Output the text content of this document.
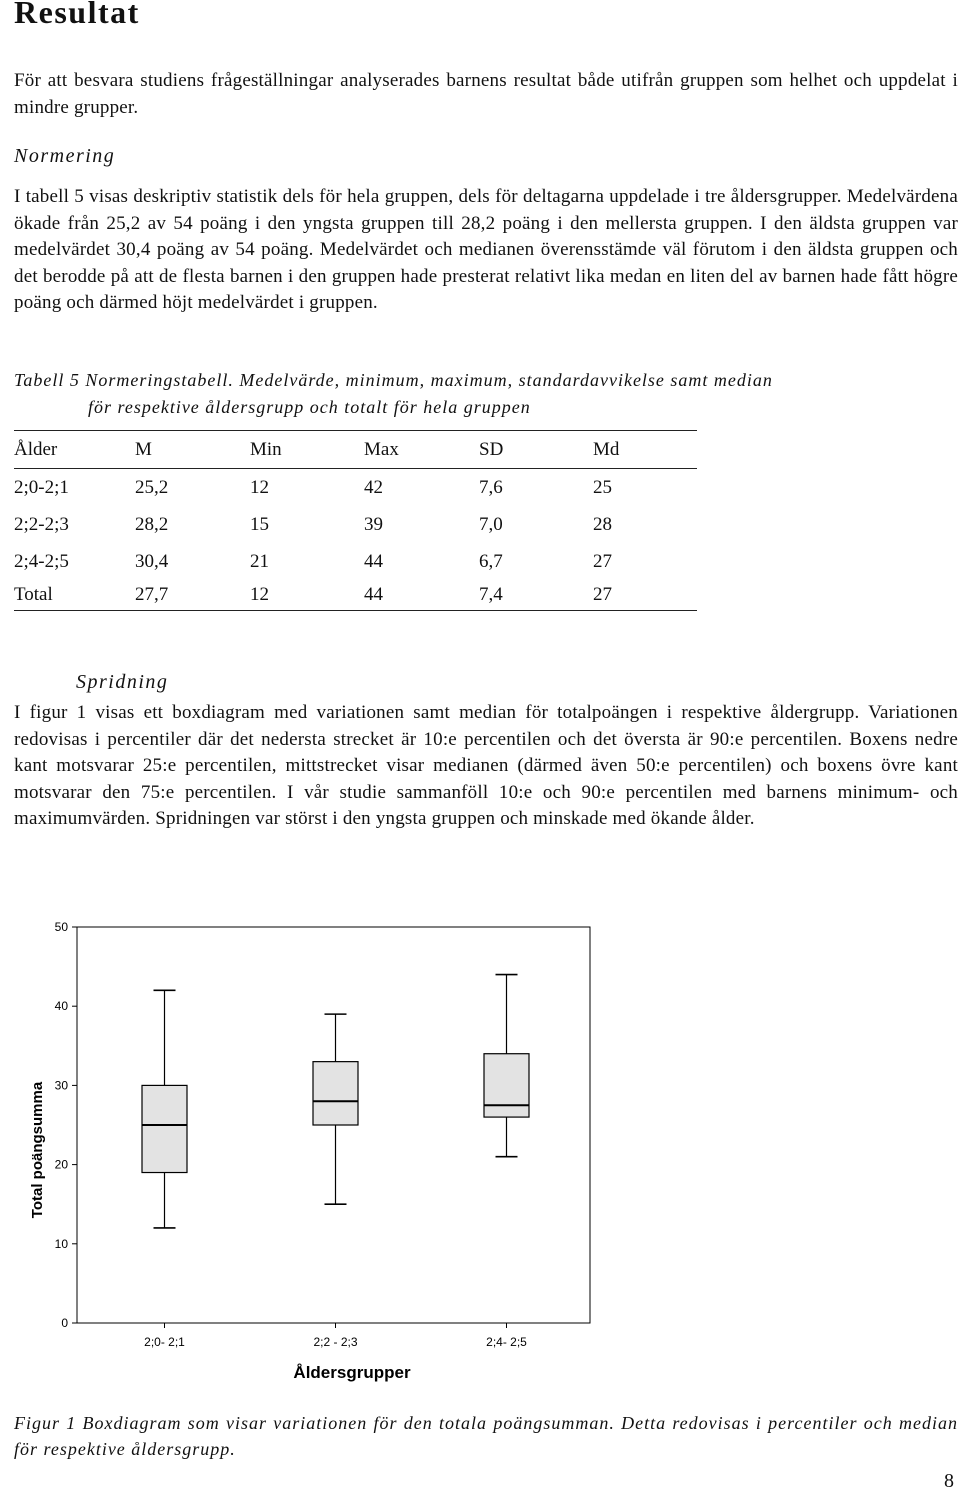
Resultat

För att besvara studiens frågeställningar analyserades barnens resultat både utifrån gruppen som helhet och uppdelat i mindre grupper.

Normering

I tabell 5 visas deskriptiv statistik dels för hela gruppen, dels för deltagarna uppdelade i tre åldersgrupper. Medelvärdena ökade från 25,2 av 54 poäng i den yngsta gruppen till 28,2 poäng i den mellersta gruppen. I den äldsta gruppen var medelvärdet 30,4 poäng av 54 poäng. Medelvärdet och medianen överensstämde väl förutom i den äldsta gruppen och det berodde på att de flesta barnen i den gruppen hade presterat relativt lika medan en liten del av barnen hade fått högre poäng och därmed höjt medelvärdet i gruppen.

Tabell 5 Normeringstabell. Medelvärde, minimum, maximum, standardavvikelse samt median

för respektive åldersgrupp och totalt för hela gruppen

Ålder	M	Min	Max	SD	Md
2;0-2;1	25,2	12	42	7,6	25
2;2-2;3	28,2	15	39	7,0	28
2;4-2;5	30,4	21	44	6,7	27
Total	27,7	12	44	7,4	27

Spridning

I figur 1 visas ett boxdiagram med variationen samt median för totalpoängen i respektive åldergrupp. Variationen redovisas i percentiler där det nedersta strecket är 10:e percentilen och det översta är 90:e percentilen. Boxens nedre kant motsvarar 25:e percentilen, mittstrecket visar medianen (därmed även 50:e percentilen) och boxens övre kant motsvarar den 75:e percentilen. I vår studie sammanföll 10:e och 90:e percentilen med barnens minimum- och maximumvärden. Spridningen var störst i den yngsta gruppen och minskade med ökande ålder.

0
10
20
30
40
50
Total poängsumma
Åldersgrupper
2;0- 2;1	2;2 - 2;3	2;4- 2;5

Figur 1 Boxdiagram som visar variationen för den totala poängsumman. Detta redovisas i percentiler och median för respektive åldersgrupp.

8
